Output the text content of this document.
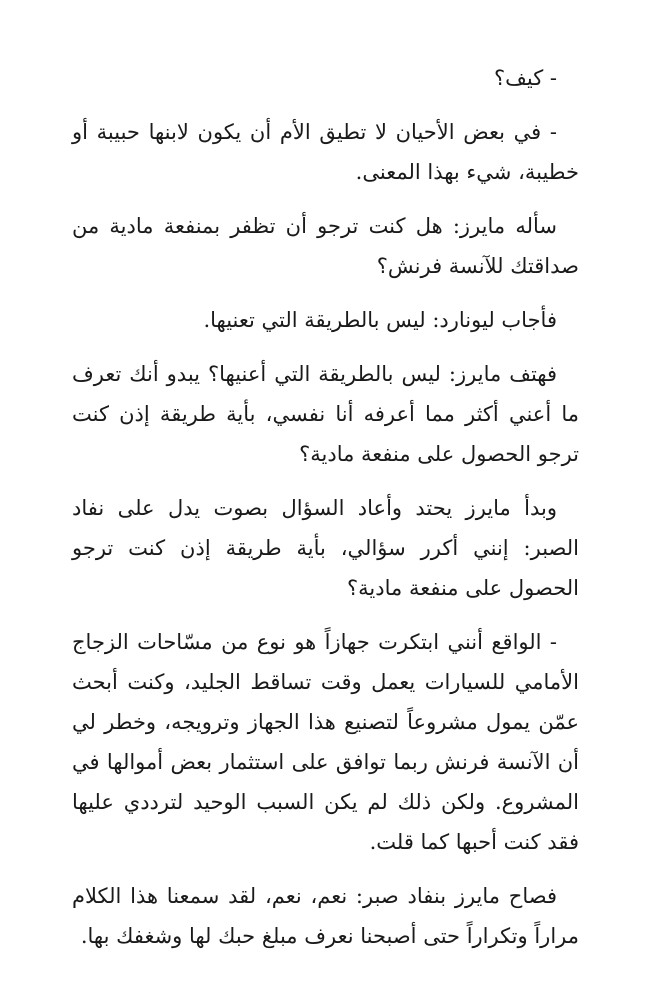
- كيف؟

- في بعض الأحيان لا تطيق الأم أن يكون لابنها حبيبة أو خطيبة، شيء بهذا المعنى.

سأله مايرز: هل كنت ترجو أن تظفر بمنفعة مادية من صداقتك للآنسة فرنش؟

فأجاب ليونارد: ليس بالطريقة التي تعنيها.

فهتف مايرز: ليس بالطريقة التي أعنيها؟ يبدو أنك تعرف ما أعني أكثر مما أعرفه أنا نفسي، بأية طريقة إذن كنت ترجو الحصول على منفعة مادية؟

وبدأ مايرز يحتد وأعاد السؤال بصوت يدل على نفاد الصبر: إنني أكرر سؤالي، بأية طريقة إذن كنت ترجو الحصول على منفعة مادية؟

- الواقع أنني ابتكرت جهازاً هو نوع من مسّاحات الزجاج الأمامي للسيارات يعمل وقت تساقط الجليد، وكنت أبحث عمّن يمول مشروعاً لتصنيع هذا الجهاز وترويجه، وخطر لي أن الآنسة فرنش ربما توافق على استثمار بعض أموالها في المشروع. ولكن ذلك لم يكن السبب الوحيد لترددي عليها فقد كنت أحبها كما قلت.

فصاح مايرز بنفاد صبر: نعم، نعم، لقد سمعنا هذا الكلام مراراً وتكراراً حتى أصبحنا نعرف مبلغ حبك لها وشغفك بها.
